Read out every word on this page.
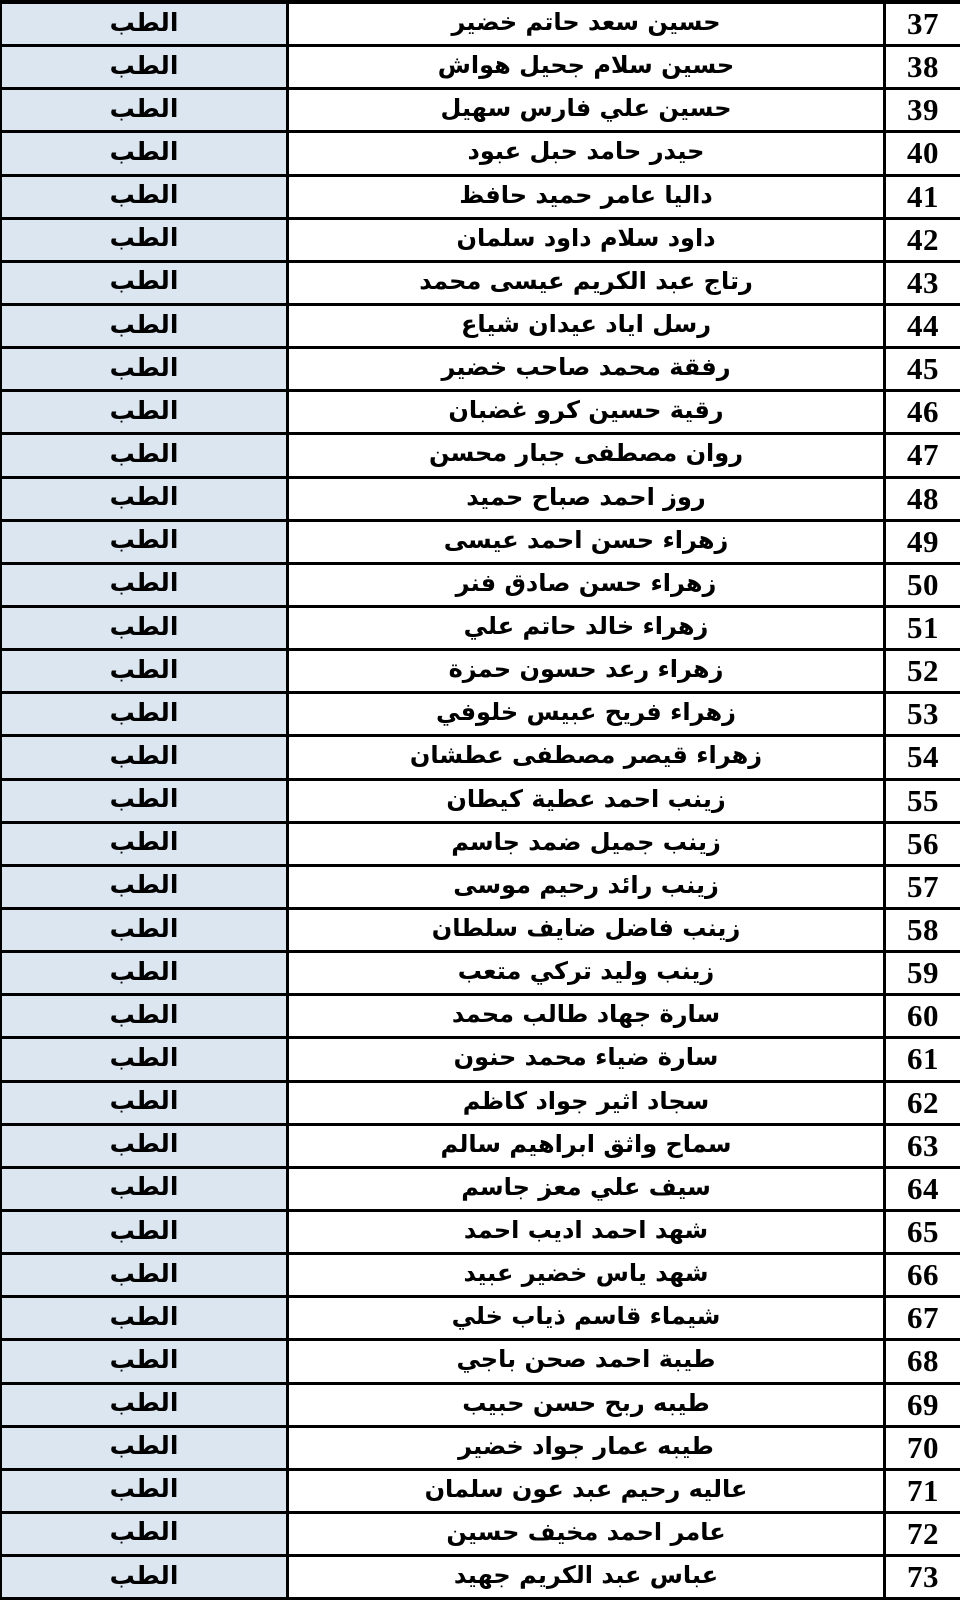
37
حسين سعد حاتم خضير
الطب
38
حسين سلام جحيل هواش
الطب
39
حسين علي فارس سهيل
الطب
40
حيدر حامد حبل عبود
الطب
41
داليا عامر حميد حافظ
الطب
42
داود سلام داود سلمان
الطب
43
رتاج عبد الكريم عيسى محمد
الطب
44
رسل اياد عيدان شياع
الطب
45
رفقة محمد صاحب خضير
الطب
46
رقية حسين كرو غضبان
الطب
47
روان مصطفى جبار محسن
الطب
48
روز احمد صباح حميد
الطب
49
زهراء حسن احمد عيسى
الطب
50
زهراء حسن صادق فنر
الطب
51
زهراء خالد حاتم علي
الطب
52
زهراء رعد حسون حمزة
الطب
53
زهراء فريح عبيس خلوفي
الطب
54
زهراء قيصر مصطفى عطشان
الطب
55
زينب احمد عطية كيطان
الطب
56
زينب جميل ضمد جاسم
الطب
57
زينب رائد رحيم موسى
الطب
58
زينب فاضل ضايف سلطان
الطب
59
زينب وليد تركي متعب
الطب
60
سارة جهاد طالب محمد
الطب
61
سارة ضياء محمد حنون
الطب
62
سجاد اثير جواد كاظم
الطب
63
سماح واثق ابراهيم سالم
الطب
64
سيف علي معز جاسم
الطب
65
شهد احمد اديب احمد
الطب
66
شهد ياس خضير عبيد
الطب
67
شيماء قاسم ذياب خلي
الطب
68
طيبة احمد صحن باجي
الطب
69
طيبه ربح حسن حبيب
الطب
70
طيبه عمار جواد خضير
الطب
71
عاليه رحيم عبد عون سلمان
الطب
72
عامر احمد مخيف حسين
الطب
73
عباس عبد الكريم جهيد
الطب
